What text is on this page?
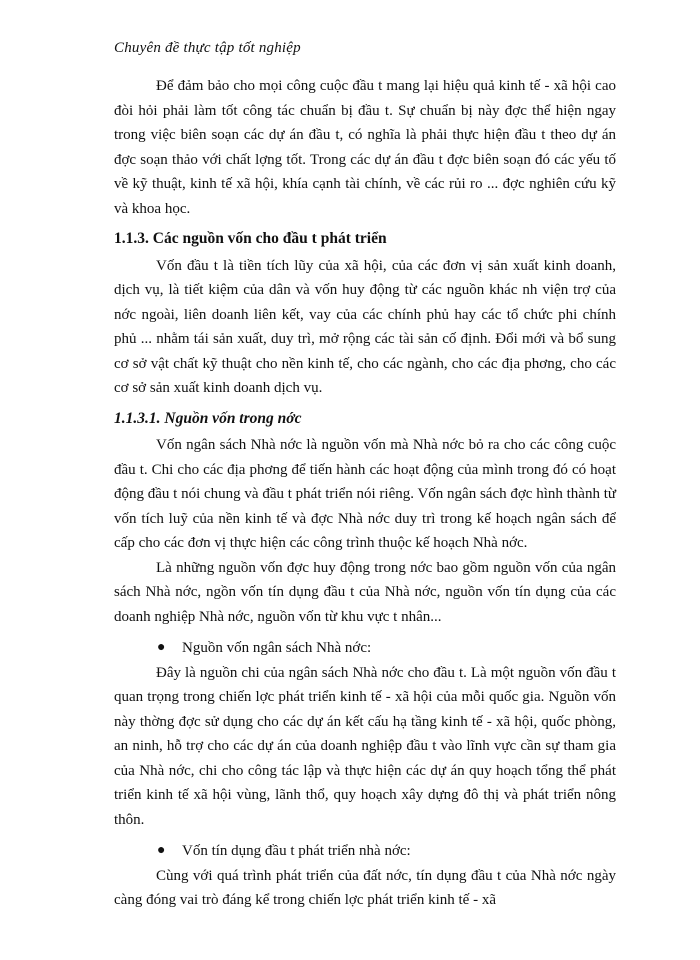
Chuyên đề thực tập tốt nghiệp

Để đảm bảo cho mọi công cuộc đầu t mang lại hiệu quả kinh tế - xã hội cao đòi hỏi phải làm tốt công tác chuẩn bị đầu t. Sự chuẩn bị này đợc thể hiện ngay trong việc biên soạn các dự án đầu t, có nghĩa là phải thực hiện đầu t theo dự án đợc soạn thảo với chất lợng tốt. Trong các dự án đầu t đợc biên soạn đó các yếu tố về kỹ thuật, kinh tế xã hội, khía cạnh tài chính, về các rủi ro ... đợc nghiên cứu kỹ và khoa học.

1.1.3. Các nguồn vốn cho đầu t phát triển

Vốn đầu t là tiền tích lũy của xã hội, của các đơn vị sản xuất kinh doanh, dịch vụ, là tiết kiệm của dân và vốn huy động từ các nguồn khác nh viện trợ của nớc ngoài, liên doanh liên kết, vay của các chính phủ hay các tổ chức phi chính phủ ... nhằm tái sản xuất, duy trì, mở rộng các tài sản cố định. Đổi mới và bổ sung cơ sở vật chất kỹ thuật cho nền kinh tế, cho các ngành, cho các địa phơng, cho các cơ sở sản xuất kinh doanh dịch vụ.

1.1.3.1. Nguồn vốn trong nớc

Vốn ngân sách Nhà nớc là nguồn vốn mà Nhà nớc bỏ ra cho các công cuộc đầu t. Chi cho các địa phơng để tiến hành các hoạt động của mình trong đó có hoạt động đầu t nói chung và đầu t phát triển nói riêng. Vốn ngân sách đợc hình thành từ vốn tích luỹ của nền kinh tế và đợc Nhà nớc duy trì trong kế hoạch ngân sách để cấp cho các đơn vị thực hiện các công trình thuộc kế hoạch Nhà nớc.

Là những nguồn vốn đợc huy động trong nớc bao gồm nguồn vốn của ngân sách Nhà nớc, ngồn vốn tín dụng đầu t của Nhà nớc, nguồn vốn tín dụng của các doanh nghiệp Nhà nớc, nguồn vốn từ khu vực t nhân...

● Nguồn vốn ngân sách Nhà nớc:

Đây là nguồn chi của ngân sách Nhà nớc cho đầu t. Là một nguồn vốn đầu t quan trọng trong chiến lợc phát triển kinh tế - xã hội của mỗi quốc gia. Nguồn vốn này thờng đợc sử dụng cho các dự án kết cấu hạ tầng kinh tế - xã hội, quốc phòng, an ninh, hỗ trợ cho các dự án của doanh nghiệp đầu t vào lĩnh vực cần sự tham gia của Nhà nớc, chi cho công tác lập và thực hiện các dự án quy hoạch tổng thể phát triển kinh tế xã hội vùng, lãnh thổ, quy hoạch xây dựng đô thị và phát triển nông thôn.

● Vốn tín dụng đầu t phát triển nhà nớc:

Cùng với quá trình phát triển của đất nớc, tín dụng đầu t của Nhà nớc ngày càng đóng vai trò đáng kể trong chiến lợc phát triển kinh tế - xã
